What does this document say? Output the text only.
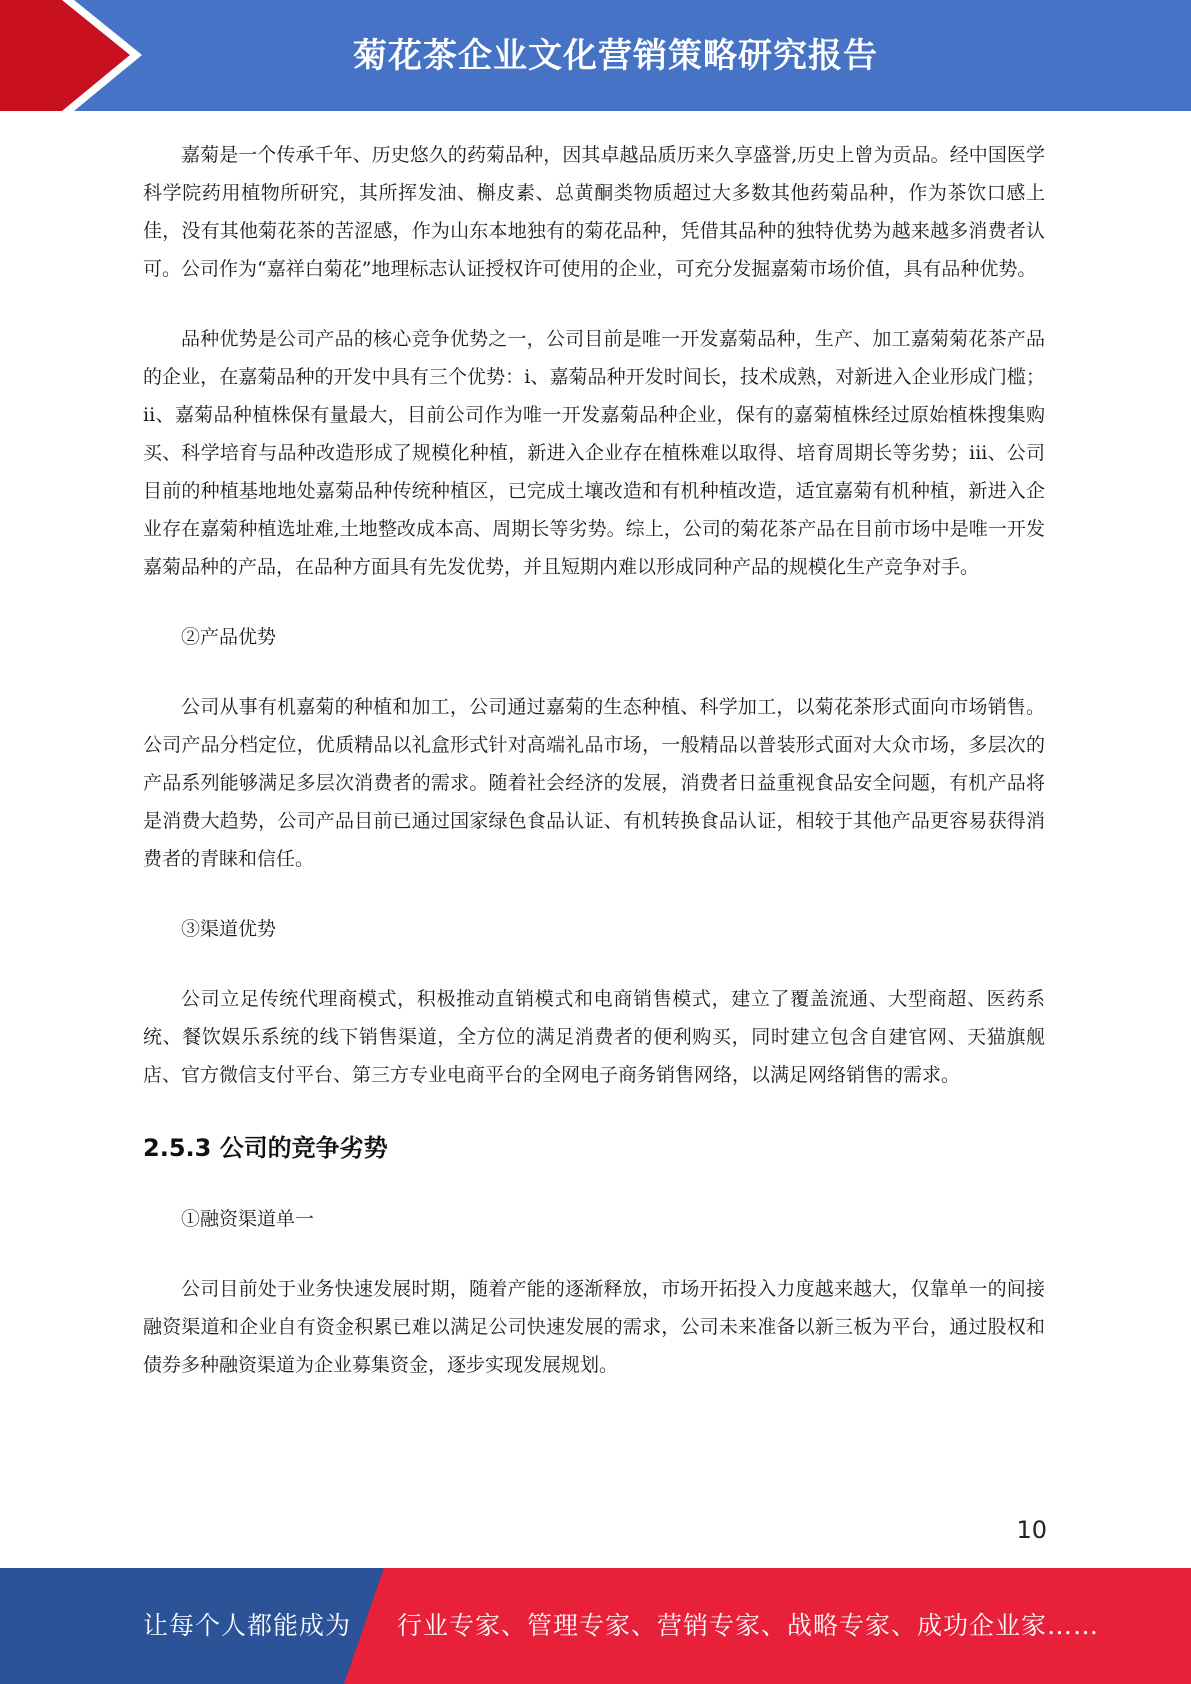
菊花茶企业文化营销策略研究报告

嘉菊是一个传承千年、历史悠久的药菊品种，因其卓越品质历来久享盛誉,历史上曾为贡品。经中国医学科学院药用植物所研究，其所挥发油、槲皮素、总黄酮类物质超过大多数其他药菊品种，作为茶饮口感上佳，没有其他菊花茶的苦涩感，作为山东本地独有的菊花品种，凭借其品种的独特优势为越来越多消费者认可。公司作为“嘉祥白菊花”地理标志认证授权许可使用的企业，可充分发掘嘉菊市场价值，具有品种优势。

品种优势是公司产品的核心竞争优势之一，公司目前是唯一开发嘉菊品种，生产、加工嘉菊菊花茶产品的企业，在嘉菊品种的开发中具有三个优势：i、嘉菊品种开发时间长，技术成熟，对新进入企业形成门槛；ii、嘉菊品种植株保有量最大，目前公司作为唯一开发嘉菊品种企业，保有的嘉菊植株经过原始植株搜集购买、科学培育与品种改造形成了规模化种植，新进入企业存在植株难以取得、培育周期长等劣势；iii、公司目前的种植基地地处嘉菊品种传统种植区，已完成土壤改造和有机种植改造，适宜嘉菊有机种植，新进入企业存在嘉菊种植选址难,土地整改成本高、周期长等劣势。综上，公司的菊花茶产品在目前市场中是唯一开发嘉菊品种的产品，在品种方面具有先发优势，并且短期内难以形成同种产品的规模化生产竞争对手。

②产品优势

公司从事有机嘉菊的种植和加工，公司通过嘉菊的生态种植、科学加工，以菊花茶形式面向市场销售。公司产品分档定位，优质精品以礼盒形式针对高端礼品市场，一般精品以普装形式面对大众市场，多层次的产品系列能够满足多层次消费者的需求。随着社会经济的发展，消费者日益重视食品安全问题，有机产品将是消费大趋势，公司产品目前已通过国家绿色食品认证、有机转换食品认证，相较于其他产品更容易获得消费者的青睐和信任。

③渠道优势

公司立足传统代理商模式，积极推动直销模式和电商销售模式，建立了覆盖流通、大型商超、医药系统、餐饮娱乐系统的线下销售渠道，全方位的满足消费者的便利购买，同时建立包含自建官网、天猫旗舰店、官方微信支付平台、第三方专业电商平台的全网电子商务销售网络，以满足网络销售的需求。

2.5.3 公司的竞争劣势

①融资渠道单一

公司目前处于业务快速发展时期，随着产能的逐渐释放，市场开拓投入力度越来越大，仅靠单一的间接融资渠道和企业自有资金积累已难以满足公司快速发展的需求，公司未来准备以新三板为平台，通过股权和债券多种融资渠道为企业募集资金，逐步实现发展规划。

10
让每个人都能成为 行业专家、管理专家、营销专家、战略专家、成功企业家……
